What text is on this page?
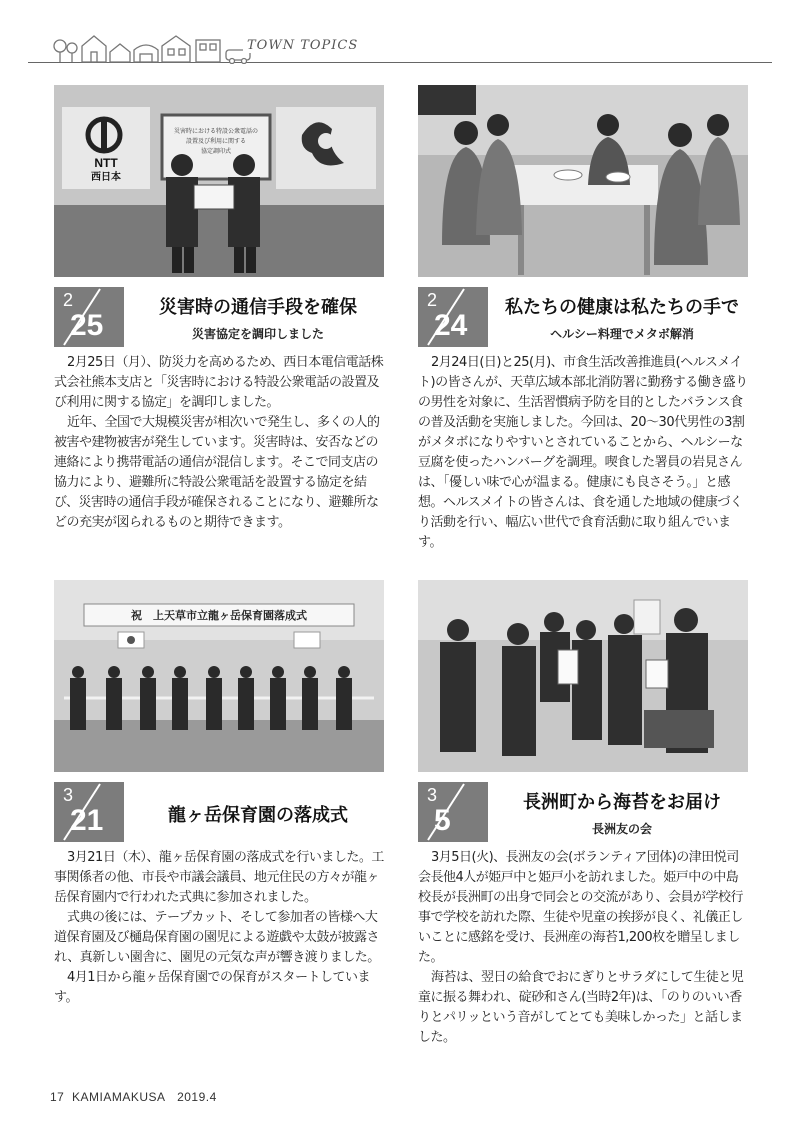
TOWN TOPICS
NTT
西日本
災害時における特設公衆電話の
設置及び利用に関する
協定調印式
2
25
災害時の通信手段を確保
災害協定を調印しました

2月25日（月）、防災力を高めるため、西日本電信電話株式会社熊本支店と「災害時における特設公衆電話の設置及び利用に関する協定」を調印しました。

近年、全国で大規模災害が相次いで発生し、多くの人的被害や建物被害が発生しています。災害時は、安否などの連絡により携帯電話の通信が混信します。そこで同支店の協力により、避難所に特設公衆電話を設置する協定を結び、災害時の通信手段が確保されることになり、避難所などの充実が図られるものと期待できます。

2
24
私たちの健康は私たちの手で
ヘルシー料理でメタボ解消

2月24日(日)と25(月)、市食生活改善推進員(ヘルスメイト)の皆さんが、天草広域本部北消防署に勤務する働き盛りの男性を対象に、生活習慣病予防を目的としたバランス食の普及活動を実施しました。今回は、20～30代男性の3割がメタボになりやすいとされていることから、ヘルシーな豆腐を使ったハンバーグを調理。喫食した署員の岩見さんは、「優しい味で心が温まる。健康にも良さそう。」と感想。ヘルスメイトの皆さんは、食を通した地域の健康づくり活動を行い、幅広い世代で食育活動に取り組んでいます。

祝　上天草市立龍ヶ岳保育園落成式
3
21	龍ヶ岳保育園の落成式

3月21日（木）、龍ヶ岳保育園の落成式を行いました。工事関係者の他、市長や市議会議員、地元住民の方々が龍ヶ岳保育園内で行われた式典に参加されました。

式典の後には、テープカット、そして参加者の皆様へ大道保育園及び樋島保育園の園児による遊戯や太鼓が披露され、真新しい園舎に、園児の元気な声が響き渡りました。

4月1日から龍ヶ岳保育園での保育がスタートしています。

3
5
長洲町から海苔をお届け
長洲友の会

3月5日(火)、長洲友の会(ボランティア団体)の津田悦司会長他4人が姫戸中と姫戸小を訪れました。姫戸中の中島校長が長洲町の出身で同会との交流があり、会員が学校行事で学校を訪れた際、生徒や児童の挨拶が良く、礼儀正しいことに感銘を受け、長洲産の海苔1,200枚を贈呈しました。

海苔は、翌日の給食でおにぎりとサラダにして生徒と児童に振る舞われ、碇砂和さん(当時2年)は、「のりのいい香りとパリッという音がしてとても美味しかった」と話しました。

17 KAMIAMAKUSA 2019.4
